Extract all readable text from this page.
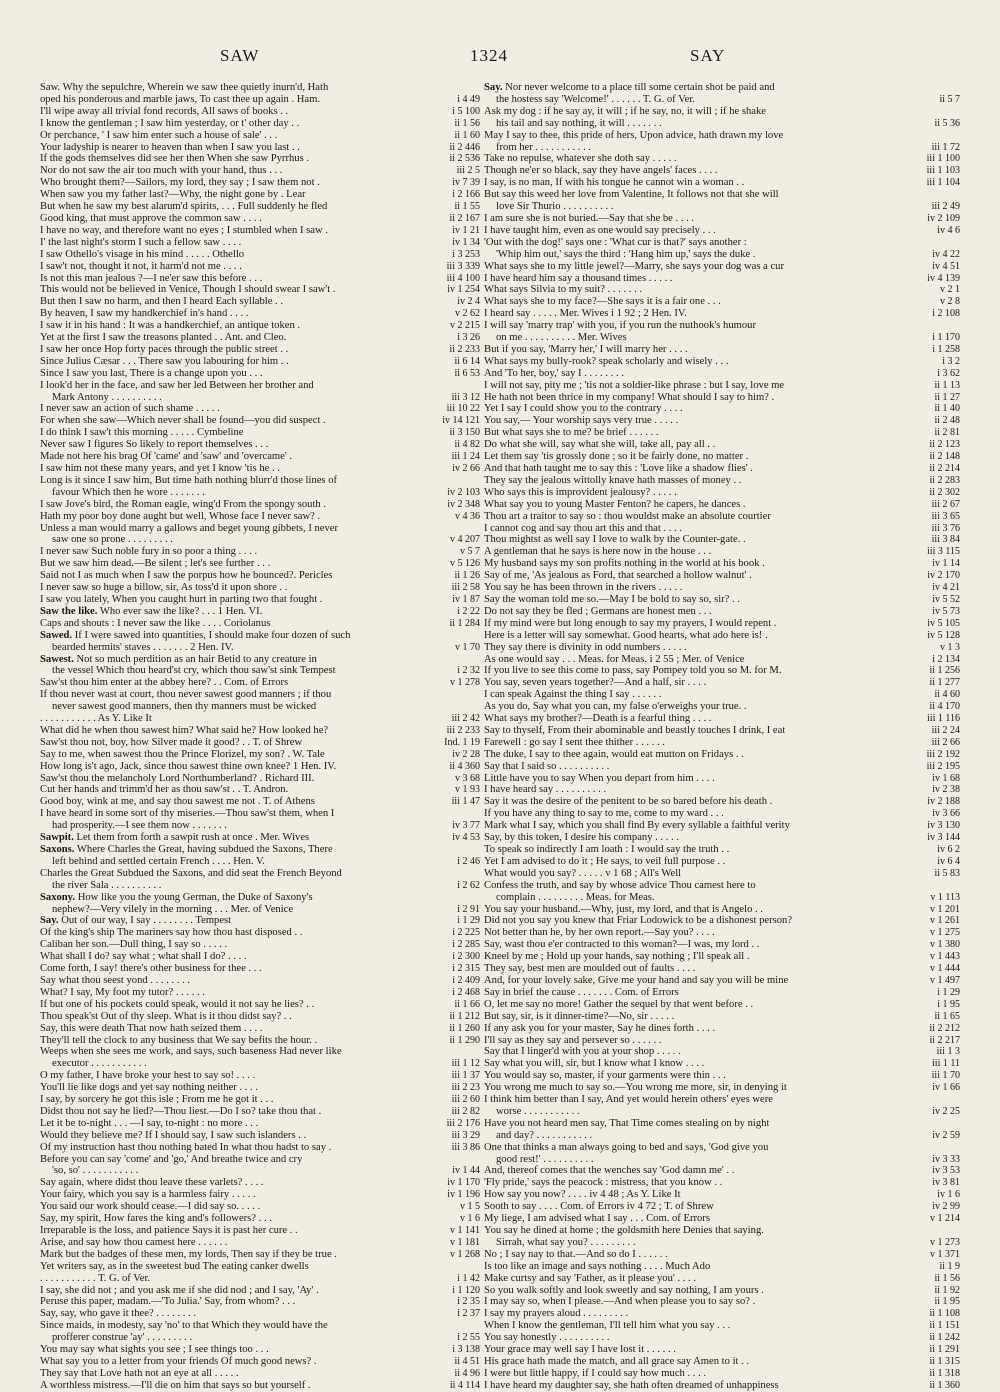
SAW	1324	SAY
Saw. Why the sepulchre, Wherein we saw thee quietly inurn'd, Hath
oped his ponderous and marble jaws, To cast thee up again . Ham.	i 4 49
I'll wipe away all trivial fond records, All saws of books . .	i 5 100
I know the gentleman ; I saw him yesterday, or t' other day . .	ii 1 56
Or perchance, ' I saw him enter such a house of sale' . . .	ii 1 60
Your ladyship is nearer to heaven than when I saw you last . .	ii 2 446
If the gods themselves did see her then When she saw Pyrrhus .	ii 2 536
Nor do not saw the air too much with your hand, thus . . .	iii 2 5
Who brought them?—Sailors, my lord, they say ; I saw them not .	iv 7 39
When saw you my father last?—Why, the night gone by . Lear	i 2 166
But when he saw my best alarum'd spirits, . . . Full suddenly he fled	ii 1 55
Good king, that must approve the common saw . . . .	ii 2 167
I have no way, and therefore want no eyes ; I stumbled when I saw .	iv 1 21
I' the last night's storm I such a fellow saw . . . .	iv 1 34
I saw Othello's visage in his mind . . . . . Othello	i 3 253
I saw't not, thought it not, it harm'd not me . . . .	iii 3 339
Is not this man jealous ?—I ne'er saw this before . . .	iii 4 100
This would not be believed in Venice, Though I should swear I saw't .	iv 1 254
But then I saw no harm, and then I heard Each syllable . .	iv 2 4
By heaven, I saw my handkerchief in's hand . . . .	v 2 62
I saw it in his hand : It was a handkerchief, an antique token .	v 2 215
Yet at the first I saw the treasons planted . . Ant. and Cleo.	i 3 26
I saw her once Hop forty paces through the public street . .	ii 2 233
Since Julius Cæsar . . . There saw you labouring for him . .	ii 6 14
Since I saw you last, There is a change upon you . . .	ii 6 53
I look'd her in the face, and saw her led Between her brother and
Mark Antony . . . . . . . . . .	iii 3 12
I never saw an action of such shame . . . . .	iii 10 22
For when she saw—Which never shall be found—you did suspect .	iv 14 121
I do think I saw't this morning . . . . . Cymbeline	ii 3 150
Never saw I figures So likely to report themselves . . .	ii 4 82
Made not here his brag Of 'came' and 'saw' and 'overcame' .	iii 1 24
I saw him not these many years, and yet I know 'tis he . .	iv 2 66
Long is it since I saw him, But time hath nothing blurr'd those lines of
favour Which then he wore . . . . . . .	iv 2 103
I saw Jove's bird, the Roman eagle, wing'd From the spongy south .	iv 2 348
Hath my poor boy done aught but well, Whose face I never saw? .	v 4 36
Unless a man would marry a gallows and beget young gibbets, I never
saw one so prone . . . . . . . . .	v 4 207
I never saw Such noble fury in so poor a thing . . . .	v 5 7
But we saw him dead.—Be silent ; let's see further . . .	v 5 126
Said not I as much when I saw the porpus how he bounced?. Pericles	ii 1 26
I never saw so huge a billow, sir, As toss'd it upon shore . .	iii 2 58
I saw you lately, When you caught hurt in parting two that fought .	iv 1 87
Saw the like. Who ever saw the like? . . . 1 Hen. VI.	i 2 22
Caps and shouts : I never saw the like . . . . Coriolanus	ii 1 284
Sawed. If I were sawed into quantities, I should make four dozen of such
bearded hermits' staves . . . . . . . 2 Hen. IV.	v 1 70
Sawest. Not so much perdition as an hair Betid to any creature in
the vessel Which thou heard'st cry, which thou saw'st sink Tempest	i 2 32
Saw'st thou him enter at the abbey here? . . Com. of Errors	v 1 278
If thou never wast at court, thou never sawest good manners ; if thou
never sawest good manners, then thy manners must be wicked
. . . . . . . . . . . As Y. Like It	iii 2 42
What did he when thou sawest him? What said he? How looked he?	iii 2 233
Saw'st thou not, boy, how Silver made it good? . . T. of Shrew	Ind. 1 19
Say to me, when sawest thou the Prince Florizel, my son? . W. Tale	iv 2 28
How long is't ago, Jack, since thou sawest thine own knee? 1 Hen. IV.	ii 4 360
Saw'st thou the melancholy Lord Northumberland? . Richard III.	v 3 68
Cut her hands and trimm'd her as thou saw'st . . T. Andron.	v 1 93
Good boy, wink at me, and say thou sawest me not . T. of Athens	iii 1 47
I have heard in some sort of thy miseries.—Thou saw'st them, when I
had prosperity.—I see them now . . . . . . .	iv 3 77
Sawpit. Let them from forth a sawpit rush at once . Mer. Wives	iv 4 53
Saxons. Where Charles the Great, having subdued the Saxons, There
left behind and settled certain French . . . . Hen. V.	i 2 46
Charles the Great Subdued the Saxons, and did seat the French Beyond
the river Sala . . . . . . . . . .	i 2 62
Saxony. How like you the young German, the Duke of Saxony's
nephew?—Very vilely in the morning . . . Mer. of Venice	i 2 91
Say. Out of our way, I say . . . . . . . . Tempest	i 1 29
Of the king's ship The mariners say how thou hast disposed . .	i 2 225
Caliban her son.—Dull thing, I say so . . . . .	i 2 285
What shall I do? say what ; what shall I do? . . . .	i 2 300
Come forth, I say! there's other business for thee . . .	i 2 315
Say what thou seest yond . . . . . . . .	i 2 409
What? I say, My foot my tutor? . . . . . .	i 2 468
If but one of his pockets could speak, would it not say he lies? . .	ii 1 66
Thou speak'st Out of thy sleep. What is it thou didst say? . .	ii 1 212
Say, this were death That now hath seized them . . . .	ii 1 260
They'll tell the clock to any business that We say befits the hour. .	ii 1 290
Weeps when she sees me work, and says, such baseness Had never like
executor . . . . . . . . . . .	iii 1 12
O my father, I have broke your hest to say so! . . . .	iii 1 37
You'll lie like dogs and yet say nothing neither . . . .	iii 2 23
I say, by sorcery he got this isle ; From me he got it . . .	iii 2 60
Didst thou not say he lied?—Thou liest.—Do I so? take thou that .	iii 2 82
Let it be to-night . . . —I say, to-night : no more . . .	iii 2 176
Would they believe me? If I should say, I saw such islanders . .	iii 3 29
Of my instruction hast thou nothing bated In what thou hadst to say .	iii 3 86
Before you can say 'come' and 'go,' And breathe twice and cry
'so, so' . . . . . . . . . . .	iv 1 44
Say again, where didst thou leave these varlets? . . . .	iv 1 170
Your fairy, which you say is a harmless fairy . . . . .	iv 1 196
You said our work should cease.—I did say so. . . . .	v 1 5
Say, my spirit, How fares the king and's followers? . . .	v 1 6
Irreparable is the loss, and patience Says it is past her cure . .	v 1 141
Arise, and say how thou camest here . . . . . .	v 1 181
Mark but the badges of these men, my lords, Then say if they be true .	v 1 268
Yet writers say, as in the sweetest bud The eating canker dwells
. . . . . . . . . . . T. G. of Ver.	i 1 42
I say, she did not ; and you ask me if she did nod ; and I say, 'Ay' .	i 1 120
Peruse this paper, madam.—'To Julia.' Say, from whom? . . .	i 2 35
Say, say, who gave it thee? . . . . . . . .	i 2 37
Since maids, in modesty, say 'no' to that Which they would have the
profferer construe 'ay' . . . . . . . . .	i 2 55
You may say what sights you see ; I see things too . . .	i 3 138
What say you to a letter from your friends Of much good news? .	ii 4 51
They say that Love hath not an eye at all . . . . .	ii 4 96
A worthless mistress.—I'll die on him that says so but yourself .	ii 4 114
Say. Nor never welcome to a place till some certain shot be paid and
the hostess say 'Welcome!' . . . . . . T. G. of Ver.	ii 5 7
Ask my dog : if he say ay, it will ; if he say, no, it will ; if he shake
his tail and say nothing, it will . . . . . . .	ii 5 36
May I say to thee, this pride of hers, Upon advice, hath drawn my love
from her . . . . . . . . . . .	iii 1 72
Take no repulse, whatever she doth say . . . . .	iii 1 100
Though ne'er so black, say they have angels' faces . . . .	iii 1 103
I say, is no man, If with his tongue he cannot win a woman . .	iii 1 104
But say this weed her love from Valentine, It follows not that she will
love Sir Thurio . . . . . . . . . .	iii 2 49
I am sure she is not buried.—Say that she be . . . .	iv 2 109
I have taught him, even as one would say precisely . . .	iv 4 6
'Out with the dog!' says one : 'What cur is that?' says another :
'Whip him out,' says the third : 'Hang him up,' says the duke .	iv 4 22
What says she to my little jewel?—Marry, she says your dog was a cur	iv 4 51
I have heard him say a thousand times . . . . .	iv 4 139
What says Silvia to my suit? . . . . . . .	v 2 1
What says she to my face?—She says it is a fair one . . .	v 2 8
I heard say . . . . . Mer. Wives i 1 92 ; 2 Hen. IV.	i 2 108
I will say 'marry trap' with you, if you run the nuthook's humour
on me . . . . . . . . . . Mer. Wives	i 1 170
But if you say, 'Marry her,' I will marry her . . . .	i 1 258
What says my bully-rook? speak scholarly and wisely . . .	i 3 2
And 'To her, boy,' say I . . . . . . . .	i 3 62
I will not say, pity me ; 'tis not a soldier-like phrase : but I say, love me	ii 1 13
He hath not been thrice in my company! What should I say to him? .	ii 1 27
Yet I say I could show you to the contrary . . . .	ii 1 40
You say,— Your worship says very true . . . . .	ii 2 48
But what says she to me? be brief . . . . . .	ii 2 81
Do what she will, say what she will, take all, pay all . .	ii 2 123
Let them say 'tis grossly done ; so it be fairly done, no matter .	ii 2 148
And that hath taught me to say this : 'Love like a shadow flies' .	ii 2 214
They say the jealous wittolly knave hath masses of money . .	ii 2 283
Who says this is improvident jealousy? . . . . .	ii 2 302
What say you to young Master Fenton? he capers, he dances .	iii 2 67
Thou art a traitor to say so : thou wouldst make an absolute courtier	iii 3 65
I cannot cog and say thou art this and that . . . .	iii 3 76
Thou mightst as well say I love to walk by the Counter-gate. .	iii 3 84
A gentleman that he says is here now in the house . . .	iii 3 115
My husband says my son profits nothing in the world at his book .	iv 1 14
Say of me, 'As jealous as Ford, that searched a hollow walnut' .	iv 2 170
You say he has been thrown in the rivers . . . . .	iv 4 21
Say the woman told me so.—May I be bold to say so, sir? . .	iv 5 52
Do not say they be fled ; Germans are honest men . . .	iv 5 73
If my mind were but long enough to say my prayers, I would repent .	iv 5 105
Here is a letter will say somewhat. Good hearts, what ado here is! .	iv 5 128
They say there is divinity in odd numbers . . . . .	v 1 3
As one would say . . . Meas. for Meas. i 2 55 ; Mer. of Venice	i 2 134
If you live to see this come to pass, say Pompey told you so M. for M.	ii 1 256
You say, seven years together?—And a half, sir . . . .	ii 1 277
I can speak Against the thing I say . . . . . .	ii 4 60
As you do, Say what you can, my false o'erweighs your true. .	ii 4 170
What says my brother?—Death is a fearful thing . . . .	iii 1 116
Say to thyself, From their abominable and beastly touches I drink, I eat	iii 2 24
Farewell : go say I sent thee thither . . . . . .	iii 2 66
The duke, I say to thee again, would eat mutton on Fridays . .	iii 2 192
Say that I said so . . . . . . . . . .	iii 2 195
Little have you to say When you depart from him . . . .	iv 1 68
I have heard say . . . . . . . . . .	iv 2 38
Say it was the desire of the penitent to be so bared before his death .	iv 2 188
If you have any thing to say to me, come to my ward . . .	iv 3 66
Mark what I say, which you shall find By every syllable a faithful verity	iv 3 130
Say, by this token, I desire his company . . . . .	iv 3 144
To speak so indirectly I am loath : I would say the truth . .	iv 6 2
Yet I am advised to do it ; He says, to veil full purpose . .	iv 6 4
What would you say? . . . . . v 1 68 ; All's Well	ii 5 83
Confess the truth, and say by whose advice Thou camest here to
complain . . . . . . . . . Meas. for Meas.	v 1 113
You say your husband.—Why, just, my lord, and that is Angelo . .	v 1 201
Did not you say you knew that Friar Lodowick to be a dishonest person?	v 1 261
Not better than he, by her own report.—Say you? . . . .	v 1 275
Say, wast thou e'er contracted to this woman?—I was, my lord . .	v 1 380
Kneel by me ; Hold up your hands, say nothing ; I'll speak all .	v 1 443
They say, best men are moulded out of faults . . . .	v 1 444
And, for your lovely sake, Give me your hand and say you will be mine	v 1 497
Say in brief the cause . . . . . . . Com. of Errors	i 1 29
O, let me say no more! Gather the sequel by that went before . .	i 1 95
But say, sir, is it dinner-time?—No, sir . . . . .	ii 1 65
If any ask you for your master, Say he dines forth . . . .	ii 2 212
I'll say as they say and persever so . . . . . .	ii 2 217
Say that I linger'd with you at your shop . . . . .	iii 1 3
Say what you will, sir, but I know what I know . . . .	iii 1 11
You would say so, master, if your garments were thin . . .	iii 1 70
You wrong me much to say so.—You wrong me more, sir, in denying it	iv 1 66
I think him better than I say, And yet would herein others' eyes were
worse . . . . . . . . . . .	iv 2 25
Have you not heard men say, That Time comes stealing on by night
and day? . . . . . . . . . . .	iv 2 59
One that thinks a man always going to bed and says, 'God give you
good rest!' . . . . . . . . . .	iv 3 33
And, thereof comes that the wenches say 'God damn me' . .	iv 3 53
'Fly pride,' says the peacock : mistress, that you know . .	iv 3 81
How say you now? . . . . iv 4 48 ; As Y. Like It	iv 1 6
Sooth to say . . . . Com. of Errors iv 4 72 ; T. of Shrew	iv 2 99
My liege, I am advised what I say . . . Com. of Errors	v 1 214
You say he dined at home ; the goldsmith here Denies that saying.
Sirrah, what say you? . . . . . . . . .	v 1 273
No ; I say nay to that.—And so do I . . . . . .	v 1 371
Is too like an image and says nothing . . . . Much Ado	ii 1 9
Make curtsy and say 'Father, as it please you' . . . .	ii 1 56
So you walk softly and look sweetly and say nothing, I am yours .	ii 1 92
I may say so, when I please.—And when please you to say so? .	ii 1 95
I say my prayers aloud . . . . . . . . .	ii 1 108
When I know the gentleman, I'll tell him what you say . . .	ii 1 151
You say honestly . . . . . . . . . .	ii 1 242
Your grace may well say I have lost it . . . . . .	ii 1 291
His grace hath made the match, and all grace say Amen to it . .	ii 1 315
I were but little happy, if I could say how much . . . .	ii 1 318
I have heard my daughter say, she hath often dreamed of unhappiness	ii 1 360
